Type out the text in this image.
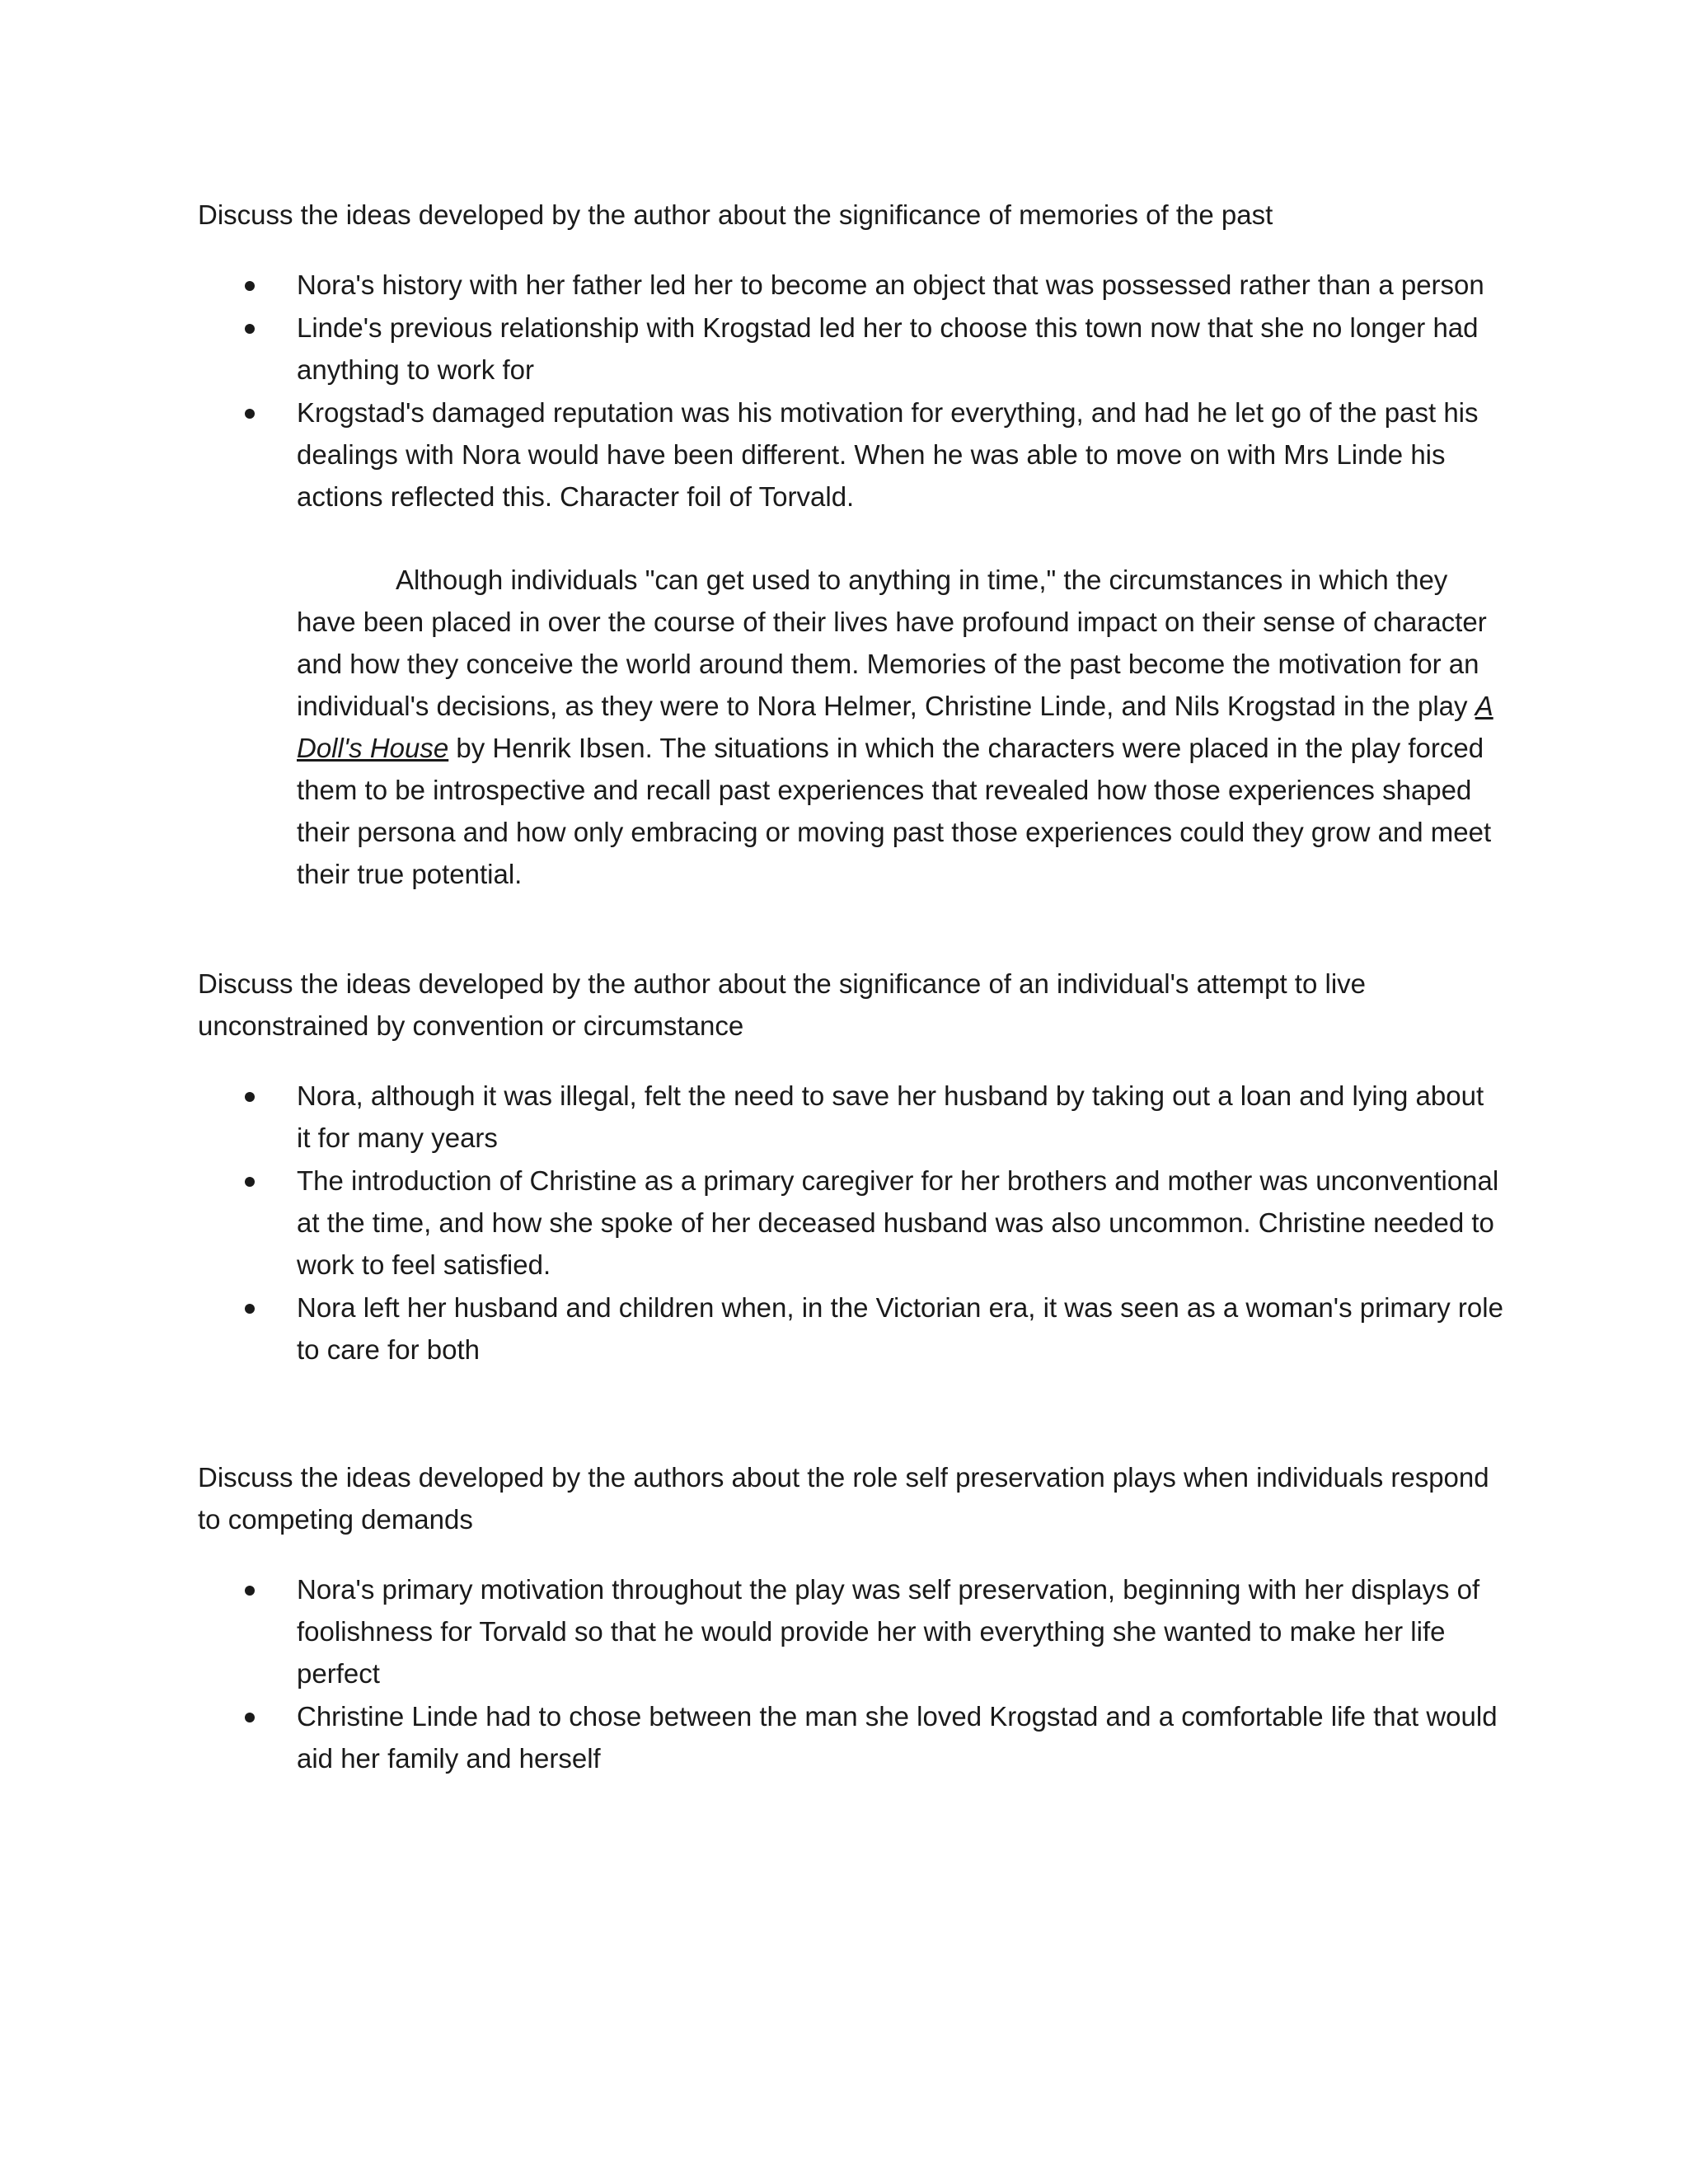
Discuss the ideas developed by the author about the significance of memories of the past

Nora's history with her father led her to become an object that was possessed rather than a person
Linde's previous relationship with Krogstad led her to choose this town now that she no longer had anything to work for
Krogstad's damaged reputation was his motivation for everything, and had he let go of the past his dealings with Nora would have been different. When he was able to move on with Mrs Linde his actions reflected this. Character foil of Torvald.

Although individuals "can get used to anything in time," the circumstances in which they have been placed in over the course of their lives have profound impact on their sense of character and how they conceive the world around them. Memories of the past become the motivation for an individual's decisions, as they were to Nora Helmer, Christine Linde, and Nils Krogstad in the play A Doll's House by Henrik Ibsen. The situations in which the characters were placed in the play forced them to be introspective and recall past experiences that revealed how those experiences shaped their persona and how only embracing or moving past those experiences could they grow and meet their true potential.

Discuss the ideas developed by the author about the significance of an individual's attempt to live unconstrained by convention or circumstance

Nora, although it was illegal, felt the need to save her husband by taking out a loan and lying about it for many years
The introduction of Christine as a primary caregiver for her brothers and mother was unconventional at the time, and how she spoke of her deceased husband was also uncommon. Christine needed to work to feel satisfied.
Nora left her husband and children when, in the Victorian era, it was seen as a woman's primary role to care for both

Discuss the ideas developed by the authors about the role self preservation plays when individuals respond to competing demands

Nora's primary motivation throughout the play was self preservation, beginning with her displays of foolishness for Torvald so that he would provide her with everything she wanted to make her life perfect
Christine Linde had to chose between the man she loved Krogstad and a comfortable life that would aid her family and herself
